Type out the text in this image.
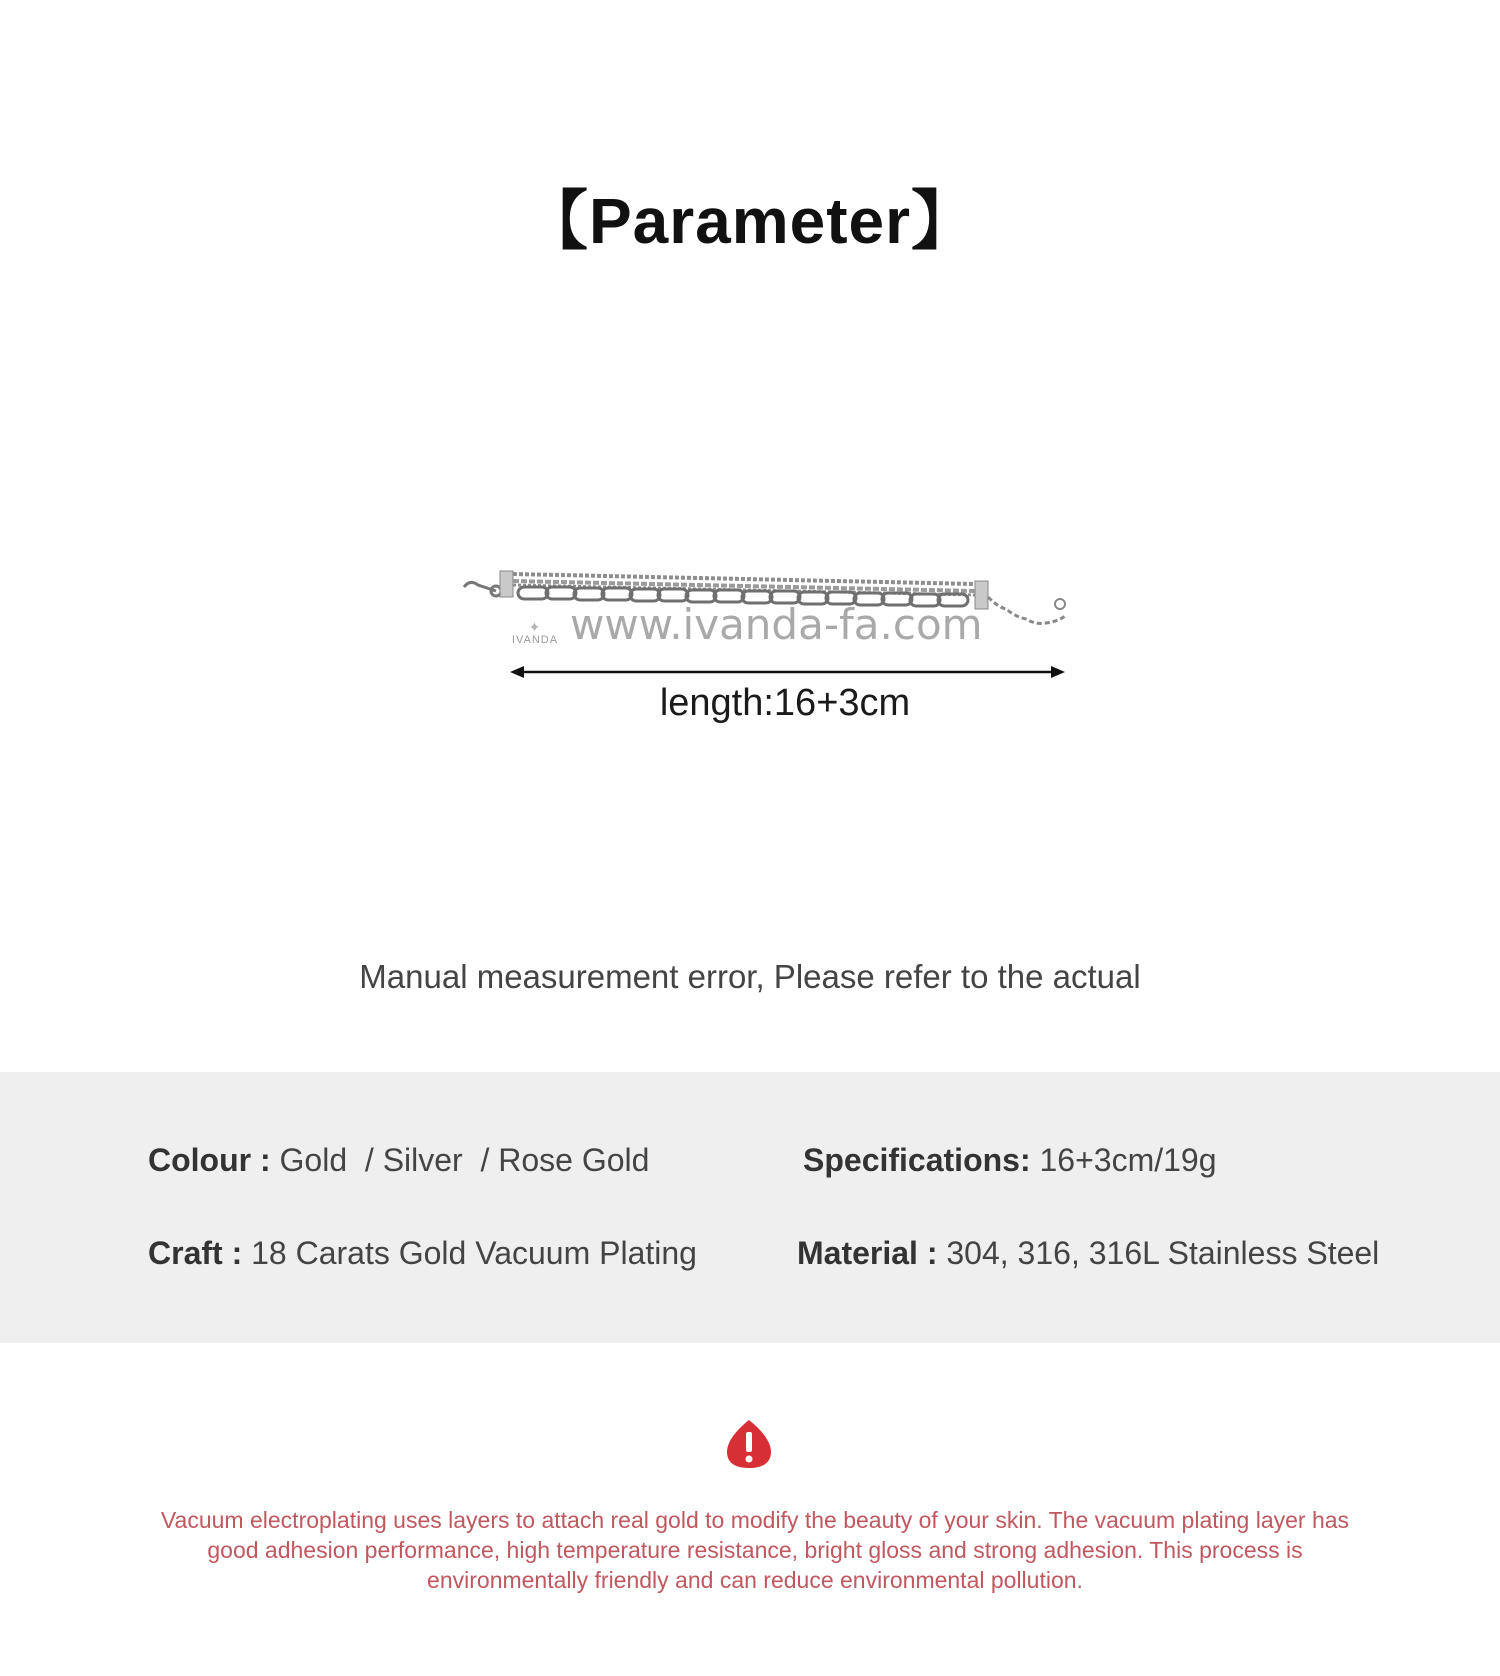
【Parameter】
✦
IVANDA www.ivanda-fa.com
length:16+3cm
Manual measurement error, Please refer to the actual
Colour : Gold  / Silver  / Rose Gold	Specifications: 16+3cm/19g
Craft : 18 Carats Gold Vacuum Plating	Material : 304, 316, 316L Stainless Steel
Vacuum electroplating uses layers to attach real gold to modify the beauty of your skin. The vacuum plating layer has good adhesion performance, high temperature resistance, bright gloss and strong adhesion. This process is environmentally friendly and can reduce environmental pollution.
